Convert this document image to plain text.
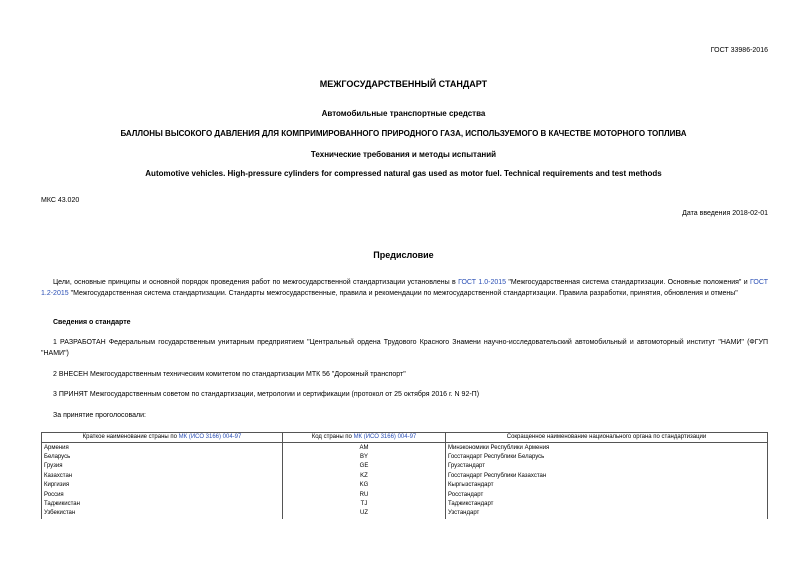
ГОСТ 33986-2016
МЕЖГОСУДАРСТВЕННЫЙ СТАНДАРТ
Автомобильные транспортные средства
БАЛЛОНЫ ВЫСОКОГО ДАВЛЕНИЯ ДЛЯ КОМПРИМИРОВАННОГО ПРИРОДНОГО ГАЗА, ИСПОЛЬЗУЕМОГО В КАЧЕСТВЕ МОТОРНОГО ТОПЛИВА
Технические требования и методы испытаний
Automotive vehicles. High-pressure cylinders for compressed natural gas used as motor fuel. Technical requirements and test methods
МКС 43.020
Дата введения 2018-02-01
Предисловие
Цели, основные принципы и основной порядок проведения работ по межгосударственной стандартизации установлены в ГОСТ 1.0-2015 "Межгосударственная система стандартизации. Основные положения" и ГОСТ 1.2-2015 "Межгосударственная система стандартизации. Стандарты межгосударственные, правила и рекомендации по межгосударственной стандартизации. Правила разработки, принятия, обновления и отмены"
Сведения о стандарте
1 РАЗРАБОТАН Федеральным государственным унитарным предприятием "Центральный ордена Трудового Красного Знамени научно-исследовательский автомобильный и автомоторный институт "НАМИ" (ФГУП "НАМИ")
2 ВНЕСЕН Межгосударственным техническим комитетом по стандартизации МТК 56 "Дорожный транспорт"
3 ПРИНЯТ Межгосударственным советом по стандартизации, метрологии и сертификации (протокол от 25 октября 2016 г. N 92-П)
За принятие проголосовали:
Краткое наименование страны по МК (ИСО 3166) 004-97	Код страны по МК (ИСО 3166) 004-97	Сокращенное наименование национального органа по стандартизации
Армения	AM	Минэкономики Республики Армения
Беларусь	BY	Госстандарт Республики Беларусь
Грузия	GE	Грузстандарт
Казахстан	KZ	Госстандарт Республики Казахстан
Киргизия	KG	Кыргызстандарт
Россия	RU	Росстандарт
Таджикистан	TJ	Таджикстандарт
Узбекистан	UZ	Узстандарт
